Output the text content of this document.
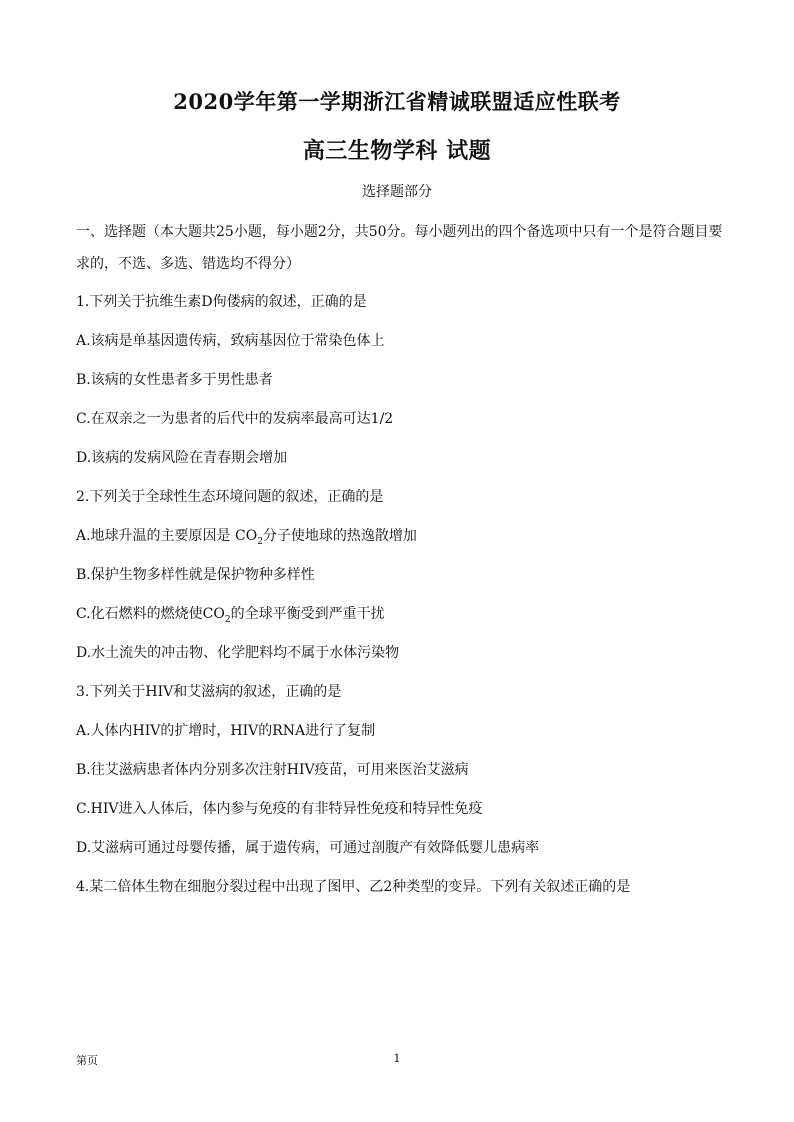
2020学年第一学期浙江省精诚联盟适应性联考
高三生物学科 试题
选择题部分
一、选择题（本大题共25小题，每小题2分，共50分。每小题列出的四个备选项中只有一个是符合题目要求的，不选、多选、错选均不得分）
1.下列关于抗维生素D佝偻病的叙述，正确的是
A.该病是单基因遗传病，致病基因位于常染色体上
B.该病的女性患者多于男性患者
C.在双亲之一为患者的后代中的发病率最高可达1/2
D.该病的发病风险在青春期会增加
2.下列关于全球性生态环境问题的叙述，正确的是
A.地球升温的主要原因是 $CO_2$分子使地球的热逸散增加
B.保护生物多样性就是保护物种多样性
C.化石燃料的燃烧使$CO_2$的全球平衡受到严重干扰
D.水土流失的冲击物、化学肥料均不属于水体污染物
3.下列关于HIV和艾滋病的叙述，正确的是
A.人体内HIV的扩增时，HIV的RNA进行了复制
B.往艾滋病患者体内分别多次注射HIV疫苗，可用来医治艾滋病
C.HIV进入人体后，体内参与免疫的有非特异性免疫和特异性免疫
D.艾滋病可通过母婴传播，属于遗传病，可通过剖腹产有效降低婴儿患病率
4.某二倍体生物在细胞分裂过程中出现了图甲、乙2种类型的变异。下列有关叙述正确的是
第页	1
